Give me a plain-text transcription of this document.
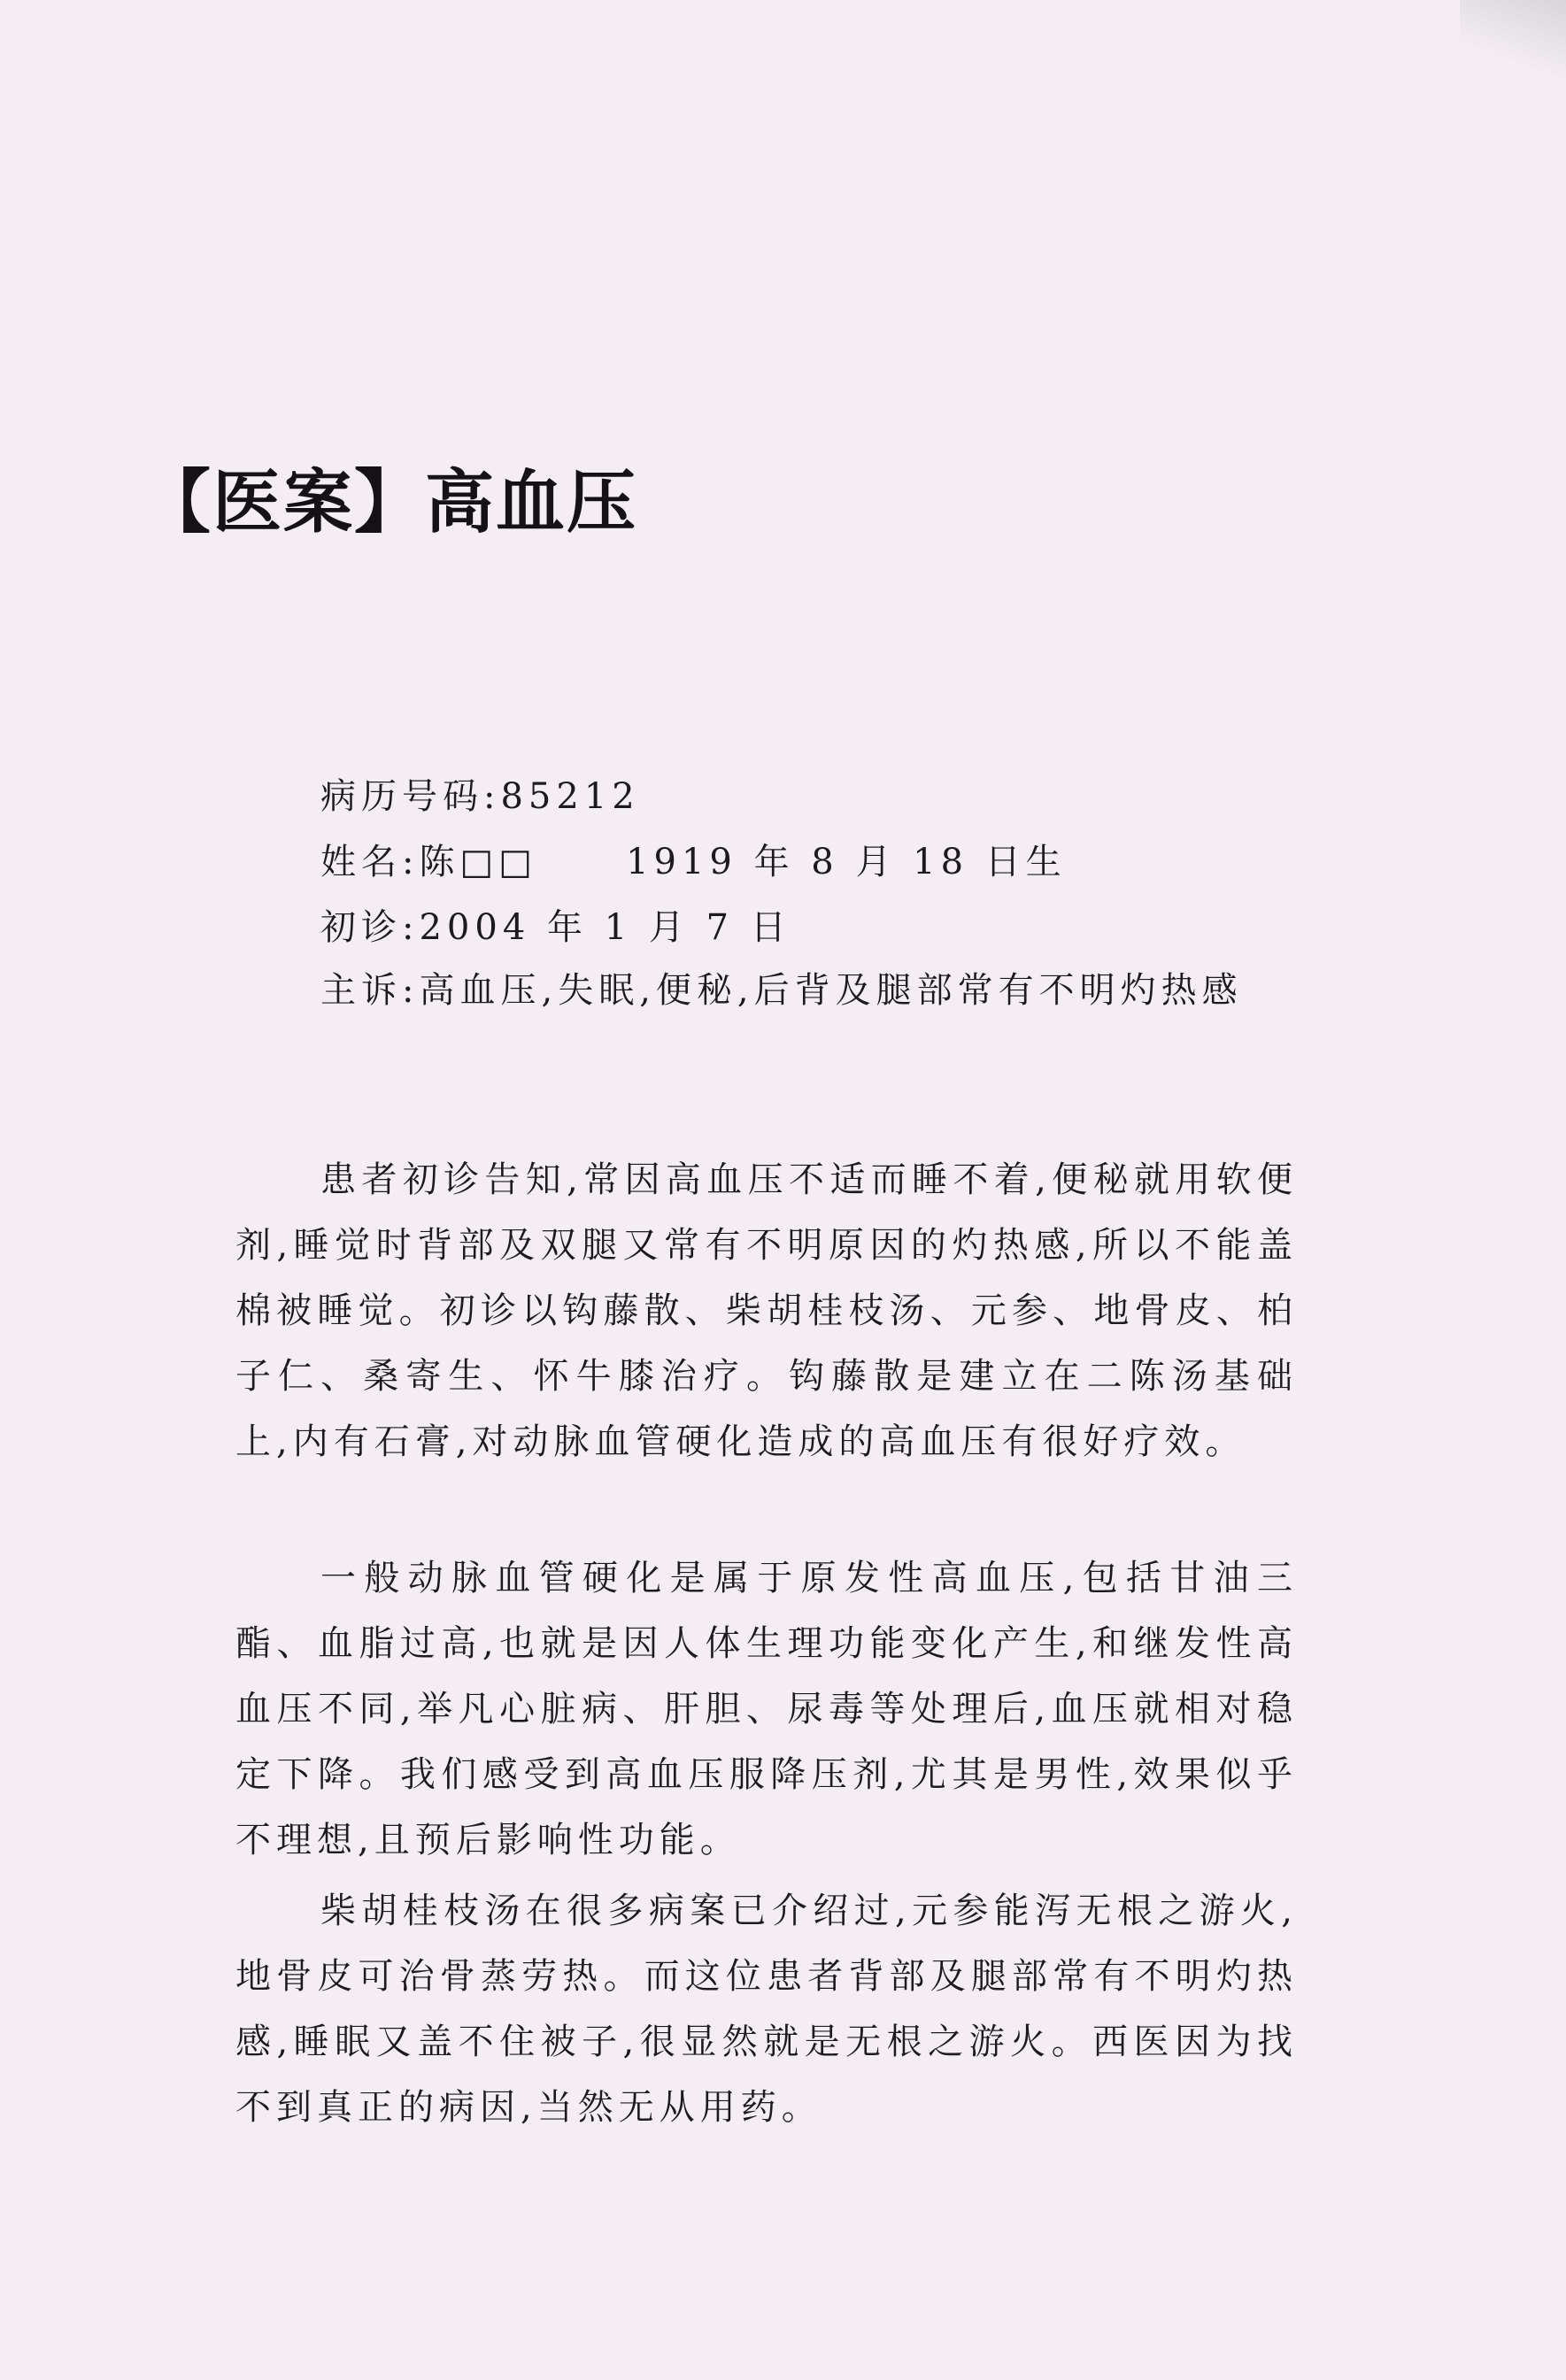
【医案】高血压
病历号码:85212
姓名:陈□□	1919 年 8 月 18 日生
初诊:2004 年 1 月 7 日
主诉:高血压,失眠,便秘,后背及腿部常有不明灼热感

患者初诊告知,常因高血压不适而睡不着,便秘就用软便剂,睡觉时背部及双腿又常有不明原因的灼热感,所以不能盖棉被睡觉。初诊以钩藤散、柴胡桂枝汤、元参、地骨皮、柏子仁、桑寄生、怀牛膝治疗。钩藤散是建立在二陈汤基础上,内有石膏,对动脉血管硬化造成的高血压有很好疗效。

一般动脉血管硬化是属于原发性高血压,包括甘油三酯、血脂过高,也就是因人体生理功能变化产生,和继发性高血压不同,举凡心脏病、肝胆、尿毒等处理后,血压就相对稳定下降。我们感受到高血压服降压剂,尤其是男性,效果似乎不理想,且预后影响性功能。

柴胡桂枝汤在很多病案已介绍过,元参能泻无根之游火,地骨皮可治骨蒸劳热。而这位患者背部及腿部常有不明灼热感,睡眠又盖不住被子,很显然就是无根之游火。西医因为找不到真正的病因,当然无从用药。
